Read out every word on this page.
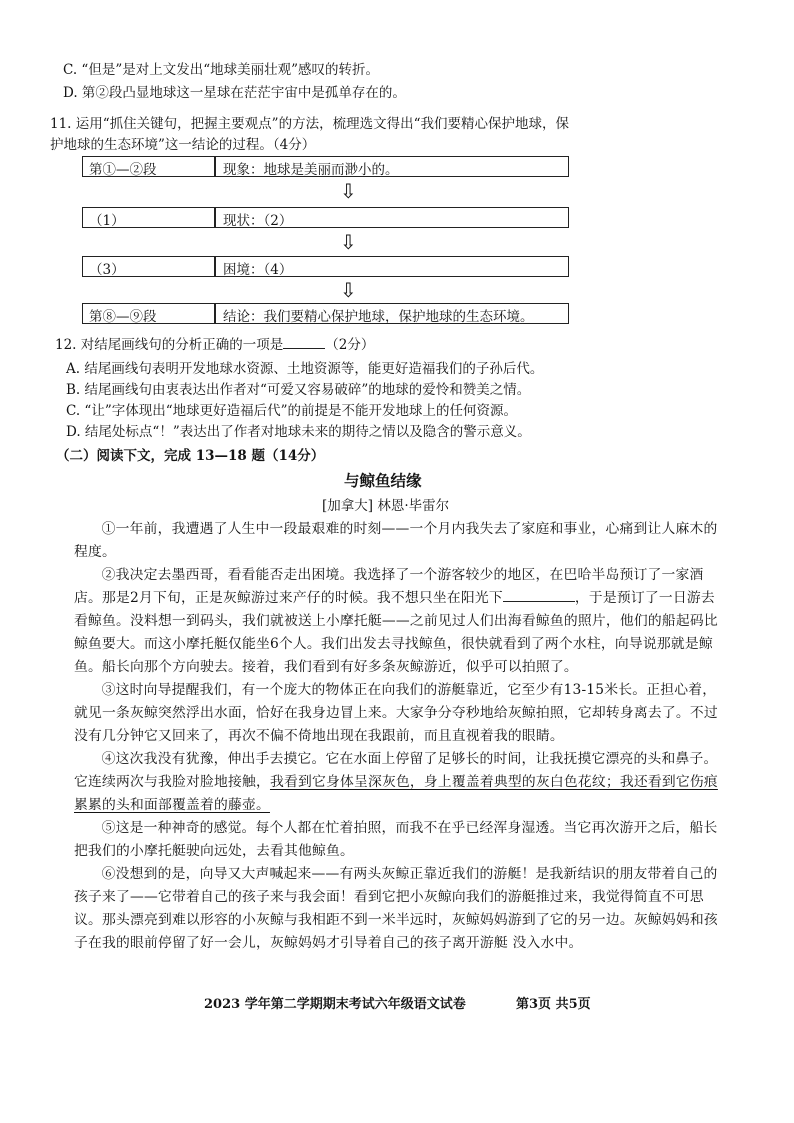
C. “但是”是对上文发出“地球美丽壮观”感叹的转折。
D. 第②段凸显地球这一星球在茫茫宇宙中是孤单存在的。
11. 运用“抓住关键句，把握主要观点”的方法，梳理选文得出“我们要精心保护地球，保
护地球的生态环境”这一结论的过程。（4分）
第①—②段	现象：地球是美丽而渺小的。
⇩
（1）	现状：（2）
⇩
（3）	困境：（4）
⇩
第⑧—⑨段	结论：我们要精心保护地球，保护地球的生态环境。
12. 对结尾画线句的分析正确的一项是	（2分）
A. 结尾画线句表明开发地球水资源、土地资源等，能更好造福我们的子孙后代。
B. 结尾画线句由衷表达出作者对“可爱又容易破碎”的地球的爱怜和赞美之情。
C. “让”字体现出“地球更好造福后代”的前提是不能开发地球上的任何资源。
D. 结尾处标点“！”表达出了作者对地球未来的期待之情以及隐含的警示意义。
（二）阅读下文，完成 13—18 题（14分）
与鲸鱼结缘
[加拿大] 林恩·毕雷尔

①一年前，我遭遇了人生中一段最艰难的时刻——一个月内我失去了家庭和事业，心痛到让人麻木的程度。

②我决定去墨西哥，看看能否走出困境。我选择了一个游客较少的地区，在巴哈半岛预订了一家酒店。那是2月下旬，正是灰鲸游过来产仔的时候。我不想只坐在阳光下	，于是预订了一日游去看鲸鱼。没料想一到码头，我们就被送上小摩托艇——之前见过人们出海看鲸鱼的照片，他们的船起码比鲸鱼要大。而这小摩托艇仅能坐6个人。我们出发去寻找鲸鱼，很快就看到了两个水柱，向导说那就是鲸鱼。船长向那个方向驶去。接着，我们看到有好多条灰鲸游近，似乎可以拍照了。

③这时向导提醒我们，有一个庞大的物体正在向我们的游艇靠近，它至少有13-15米长。正担心着，就见一条灰鲸突然浮出水面，恰好在我身边冒上来。大家争分夺秒地给灰鲸拍照，它却转身离去了。不过没有几分钟它又回来了，再次不偏不倚地出现在我跟前，而且直视着我的眼睛。

④这次我没有犹豫，伸出手去摸它。它在水面上停留了足够长的时间，让我抚摸它漂亮的头和鼻子。它连续两次与我脸对脸地接触，我看到它身体呈深灰色，身上覆盖着典型的灰白色花纹；我还看到它伤痕累累的头和面部覆盖着的藤壶。

⑤这是一种神奇的感觉。每个人都在忙着拍照，而我不在乎已经浑身湿透。当它再次游开之后，船长把我们的小摩托艇驶向远处，去看其他鲸鱼。

⑥没想到的是，向导又大声喊起来——有两头灰鲸正靠近我们的游艇！是我新结识的朋友带着自己的孩子来了——它带着自己的孩子来与我会面！看到它把小灰鲸向我们的游艇推过来，我觉得简直不可思议。那头漂亮到难以形容的小灰鲸与我相距不到一米半远时，灰鲸妈妈游到了它的另一边。灰鲸妈妈和孩子在我的眼前停留了好一会儿，灰鲸妈妈才引导着自己的孩子离开游艇 没入水中。

2023 学年第二学期期末考试六年级语文试卷	第3页 共5页
